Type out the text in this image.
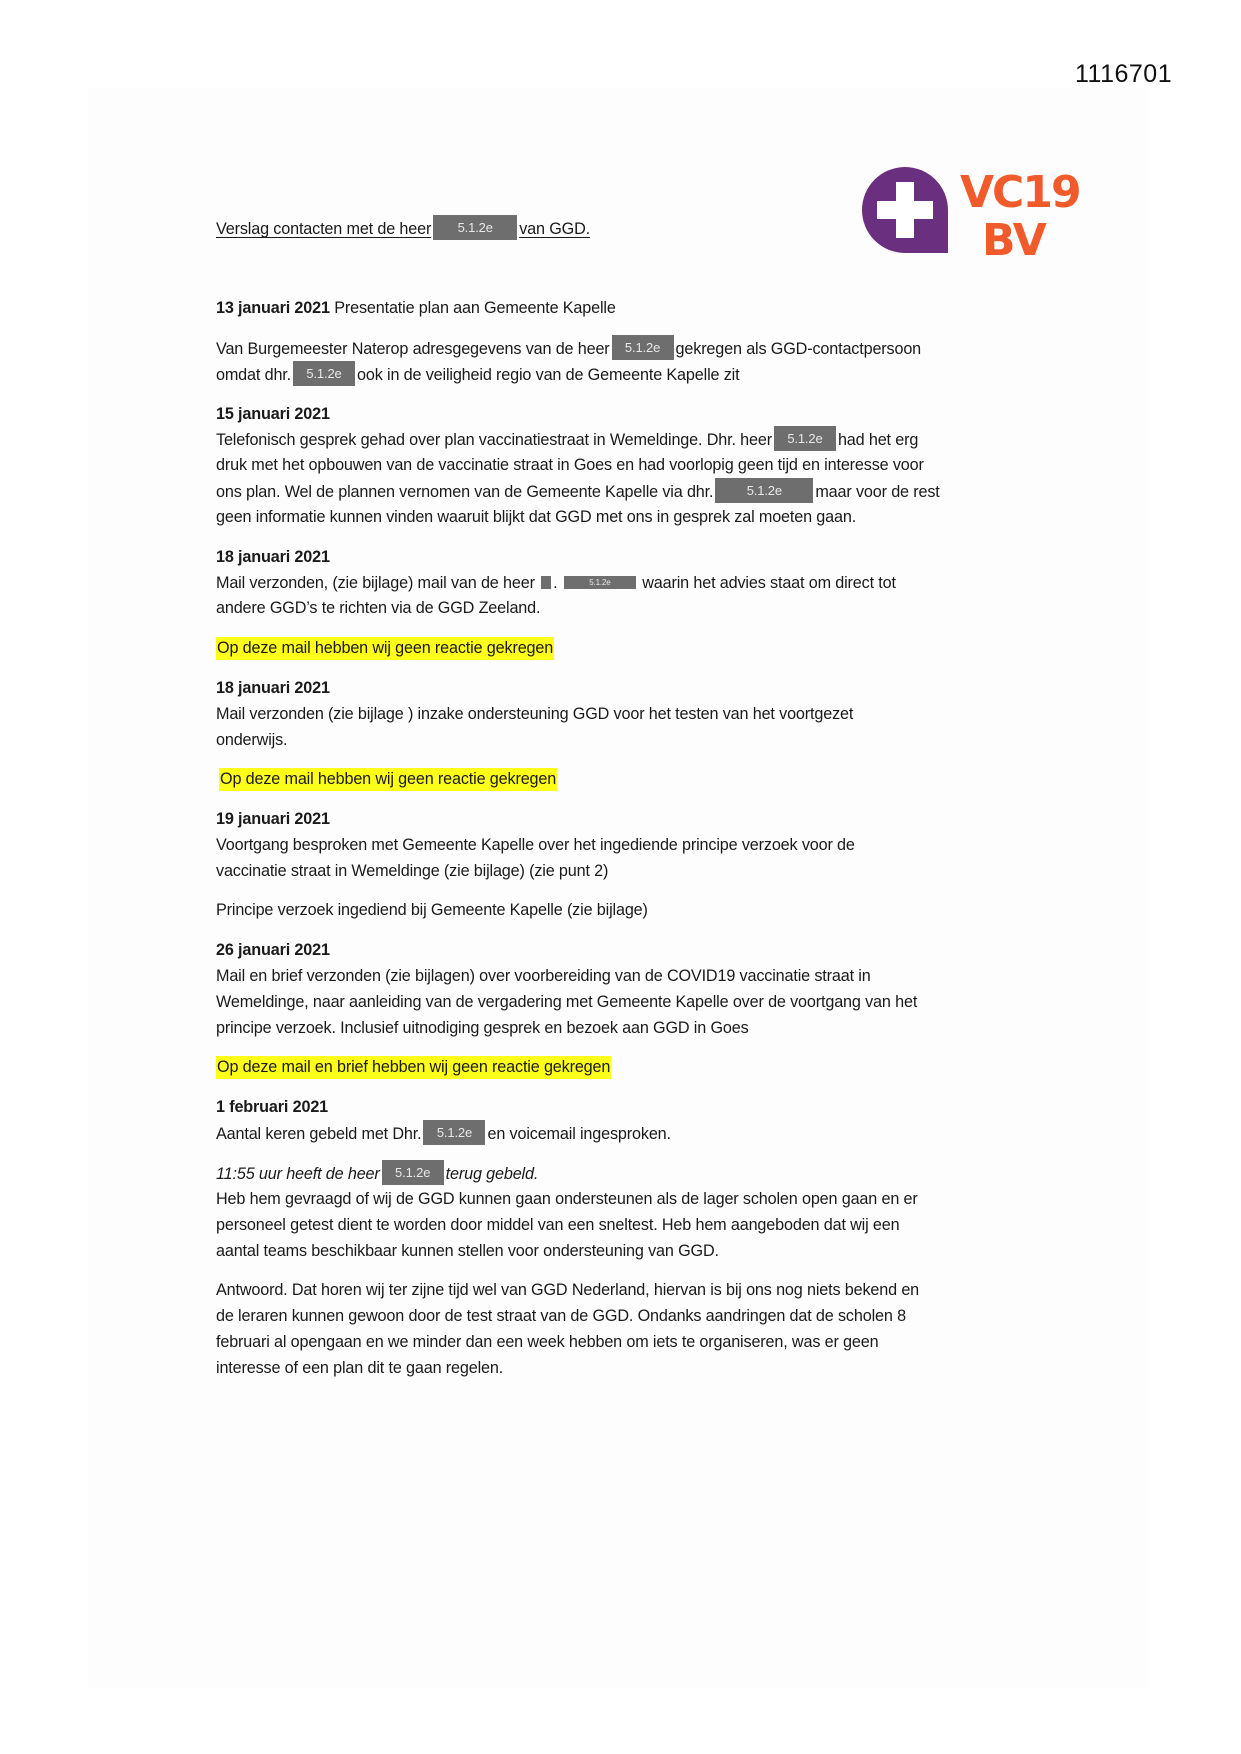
1116701
VC19
BV
Verslag contacten met de heer 5.1.2e van GGD.
13 januari 2021 Presentatie plan aan Gemeente Kapelle
Van Burgemeester Naterop adresgegevens van de heer 5.1.2e gekregen als GGD-contactpersoon
omdat dhr. 5.1.2e ook in de veiligheid regio van de Gemeente Kapelle zit
15 januari 2021
Telefonisch gesprek gehad over plan vaccinatiestraat in Wemeldinge. Dhr. heer 5.1.2e had het erg
druk met het opbouwen van de vaccinatie straat in Goes en had voorlopig geen tijd en interesse voor
ons plan. Wel de plannen vernomen van de Gemeente Kapelle via dhr.	5.1.2e maar voor de rest
geen informatie kunnen vinden waaruit blijkt dat GGD met ons in gesprek zal moeten gaan.
18 januari 2021
Mail verzonden, (zie bijlage) mail van de heer .	5.1.2e waarin het advies staat om direct tot
andere GGD’s te richten via de GGD Zeeland.
Op deze mail hebben wij geen reactie gekregen
18 januari 2021
Mail verzonden (zie bijlage ) inzake ondersteuning GGD voor het testen van het voortgezet
onderwijs.
Op deze mail hebben wij geen reactie gekregen
19 januari 2021
Voortgang besproken met Gemeente Kapelle over het ingediende principe verzoek voor de
vaccinatie straat in Wemeldinge (zie bijlage) (zie punt 2)
Principe verzoek ingediend bij Gemeente Kapelle (zie bijlage)
26 januari 2021
Mail en brief verzonden (zie bijlagen) over voorbereiding van de COVID19 vaccinatie straat in
Wemeldinge, naar aanleiding van de vergadering met Gemeente Kapelle over de voortgang van het
principe verzoek. Inclusief uitnodiging gesprek en bezoek aan GGD in Goes
Op deze mail en brief hebben wij geen reactie gekregen
1 februari 2021
Aantal keren gebeld met Dhr. 5.1.2e en voicemail ingesproken.
11:55 uur heeft de heer 5.1.2e terug gebeld.
Heb hem gevraagd of wij de GGD kunnen gaan ondersteunen als de lager scholen open gaan en er
personeel getest dient te worden door middel van een sneltest. Heb hem aangeboden dat wij een
aantal teams beschikbaar kunnen stellen voor ondersteuning van GGD.
Antwoord. Dat horen wij ter zijne tijd wel van GGD Nederland, hiervan is bij ons nog niets bekend en
de leraren kunnen gewoon door de test straat van de GGD. Ondanks aandringen dat de scholen 8
februari al opengaan en we minder dan een week hebben om iets te organiseren, was er geen
interesse of een plan dit te gaan regelen.
